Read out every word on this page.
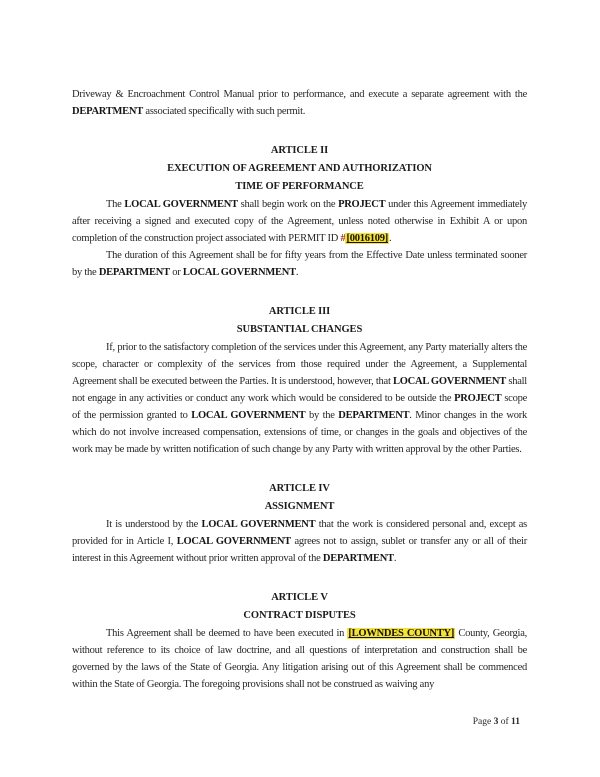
Driveway & Encroachment Control Manual prior to performance, and execute a separate agreement with the DEPARTMENT associated specifically with such permit.

ARTICLE II
EXECUTION OF AGREEMENT AND AUTHORIZATION
TIME OF PERFORMANCE

The LOCAL GOVERNMENT shall begin work on the PROJECT under this Agreement immediately after receiving a signed and executed copy of the Agreement, unless noted otherwise in Exhibit A or upon completion of the construction project associated with PERMIT ID #[0016109].

The duration of this Agreement shall be for fifty years from the Effective Date unless terminated sooner by the DEPARTMENT or LOCAL GOVERNMENT.

ARTICLE III
SUBSTANTIAL CHANGES

If, prior to the satisfactory completion of the services under this Agreement, any Party materially alters the scope, character or complexity of the services from those required under the Agreement, a Supplemental Agreement shall be executed between the Parties. It is understood, however, that LOCAL GOVERNMENT shall not engage in any activities or conduct any work which would be considered to be outside the PROJECT scope of the permission granted to LOCAL GOVERNMENT by the DEPARTMENT. Minor changes in the work which do not involve increased compensation, extensions of time, or changes in the goals and objectives of the work may be made by written notification of such change by any Party with written approval by the other Parties.

ARTICLE IV
ASSIGNMENT

It is understood by the LOCAL GOVERNMENT that the work is considered personal and, except as provided for in Article I, LOCAL GOVERNMENT agrees not to assign, sublet or transfer any or all of their interest in this Agreement without prior written approval of the DEPARTMENT.

ARTICLE V
CONTRACT DISPUTES

This Agreement shall be deemed to have been executed in [LOWNDES COUNTY] County, Georgia, without reference to its choice of law doctrine, and all questions of interpretation and construction shall be governed by the laws of the State of Georgia. Any litigation arising out of this Agreement shall be commenced within the State of Georgia. The foregoing provisions shall not be construed as waiving any

Page 3 of 11
